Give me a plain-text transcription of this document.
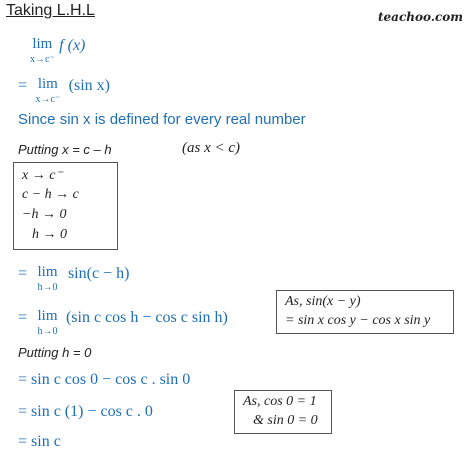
Taking L.H.L	teachoo.com
lim
x→c⁻ f (x)
= lim
x→c⁻ (sin x)
Since sin x is defined for every real number
Putting x = c – h	(as x < c)
x → c⁻
c − h → c
−h → 0
h → 0
= lim
h→0 sin(c − h)
As, sin(x − y)
= sin x cos y − cos x sin y
= lim
h→0 (sin c cos h − cos c sin h)
Putting h = 0
= sin c cos 0 − cos c . sin 0
As, cos 0 = 1
& sin 0 = 0
= sin c (1) − cos c . 0
= sin c
